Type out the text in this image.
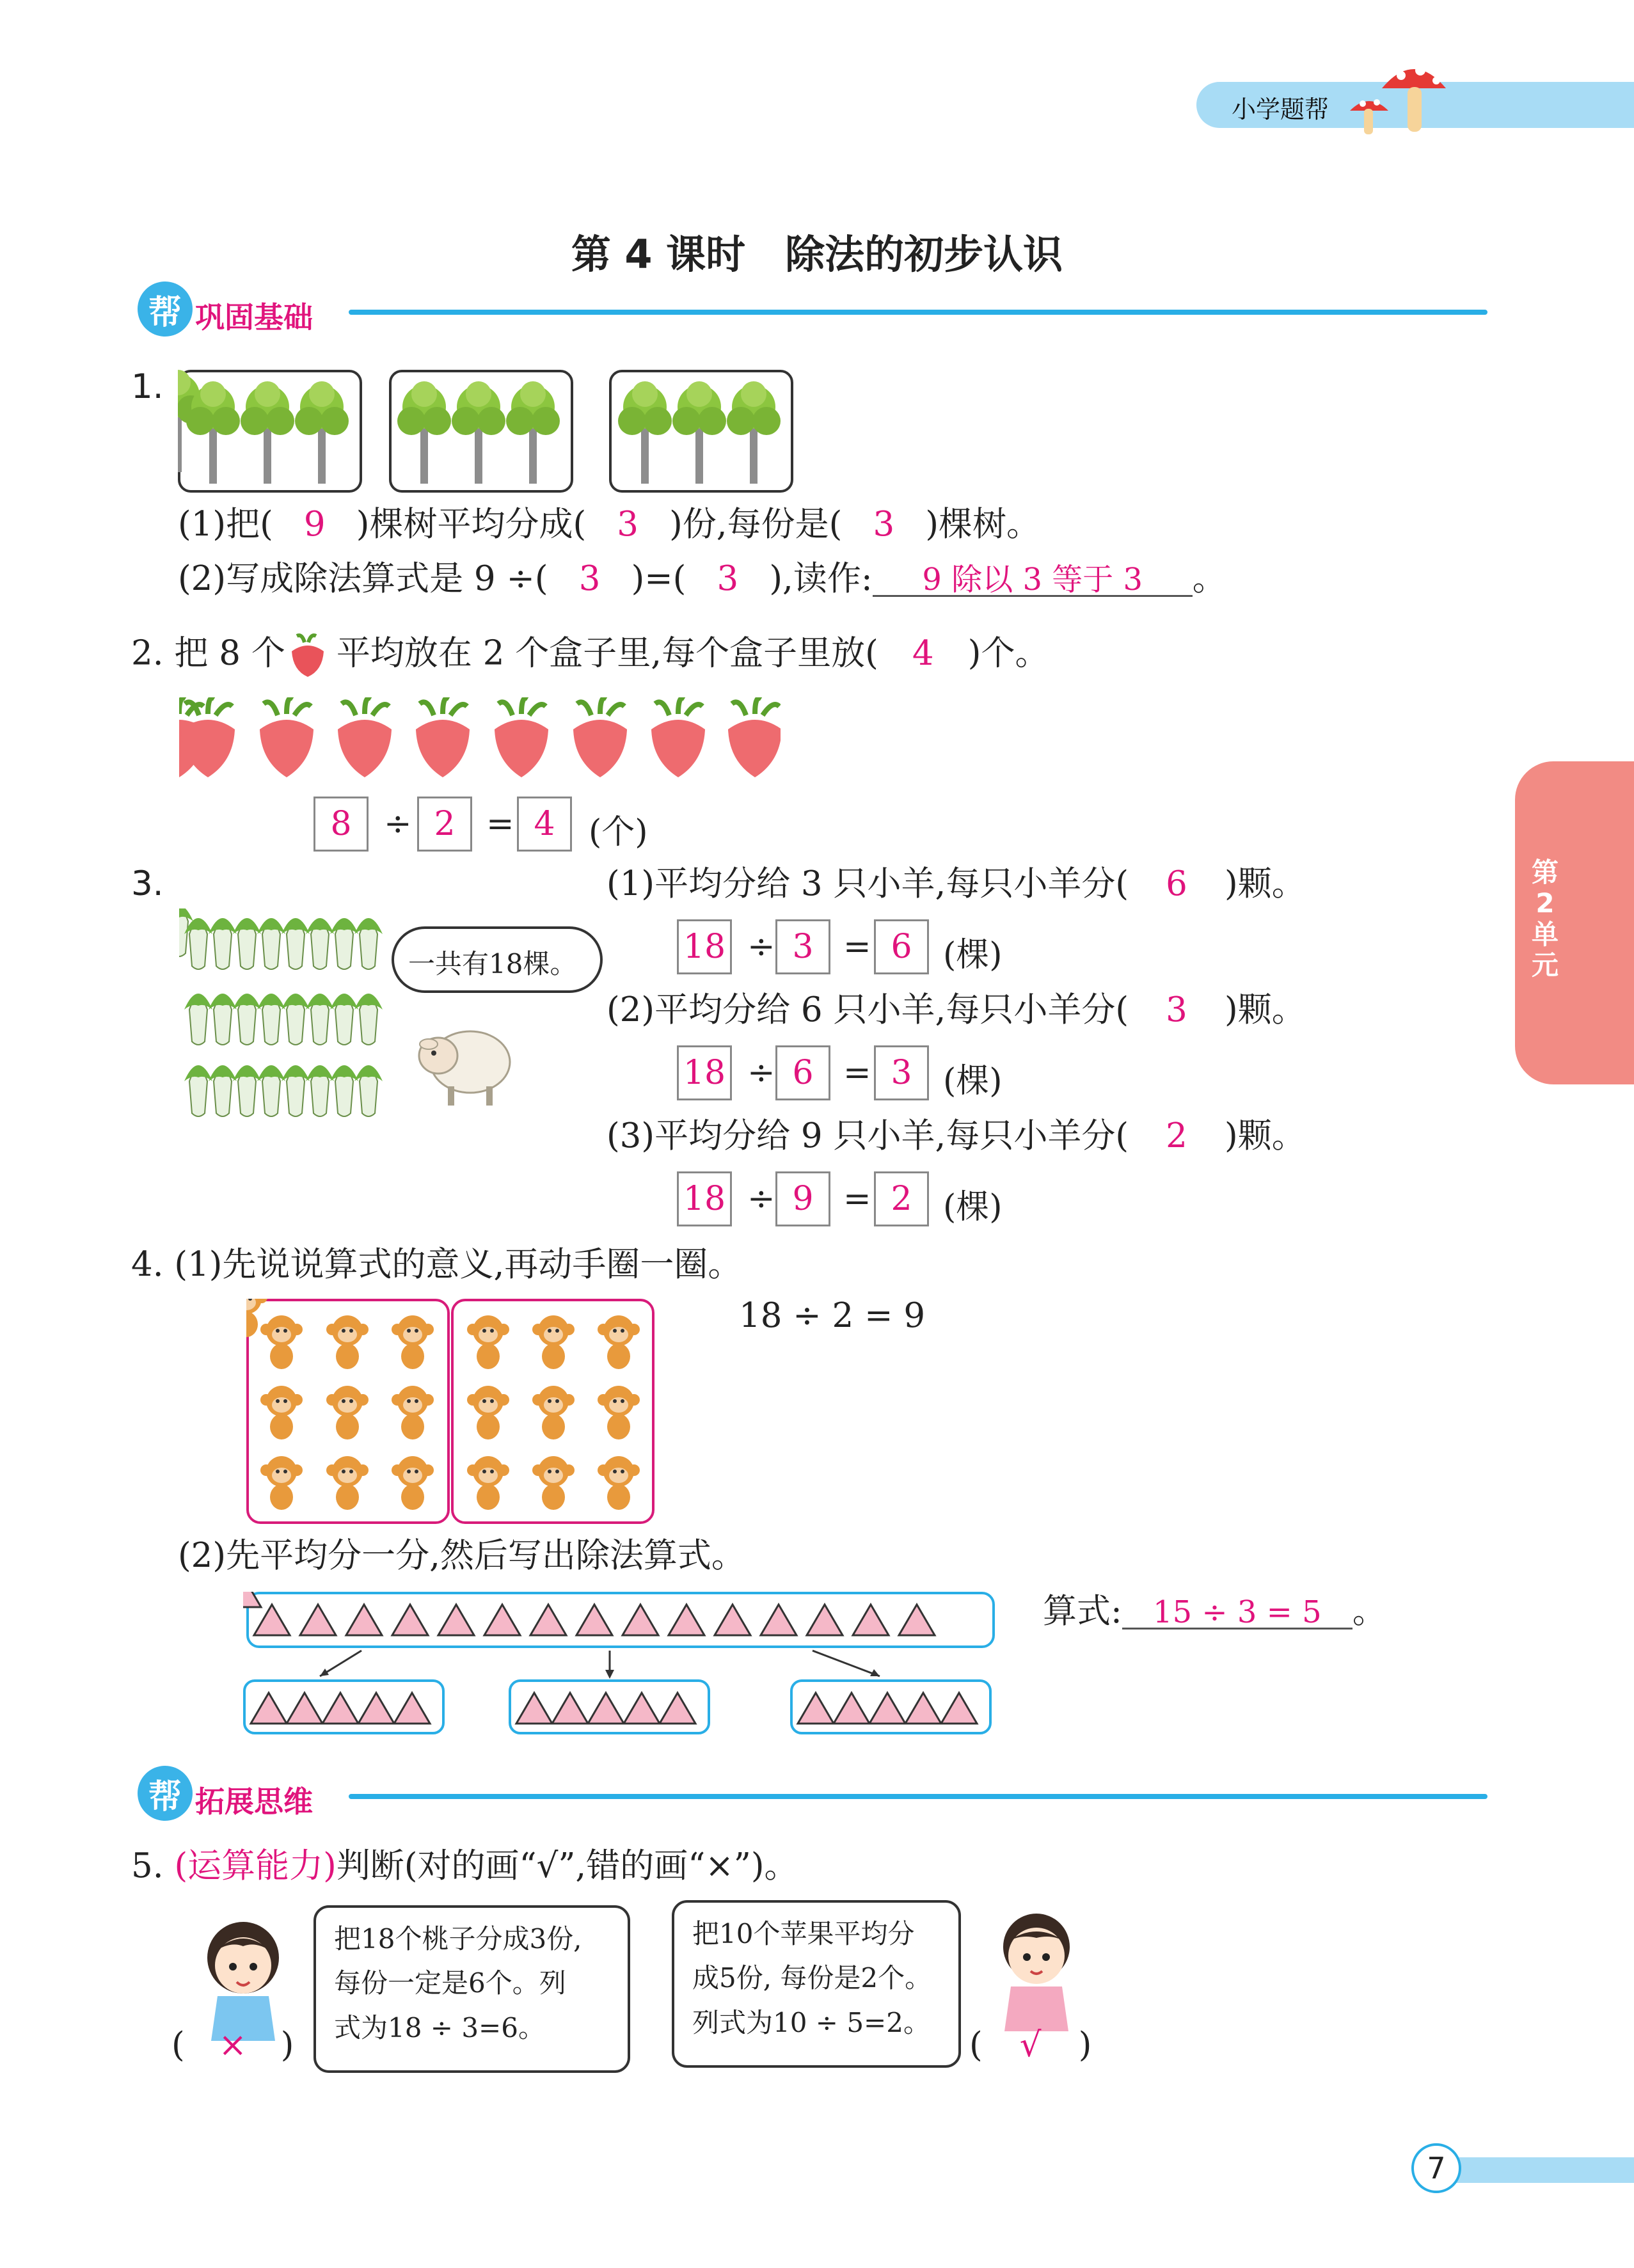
小学题帮
第 4 课时　除法的初步认识
帮 巩固基础
1.
(1)把( 9 )棵树平均分成( 3 )份,每份是( 3 )棵树。
(2)写成除法算式是 9 ÷( 3 )=( 3 ),读作: 9 除以 3 等于 3 。
2. 把 8 个 平均放在 2 个盒子里,每个盒子里放( 4 )个。
8 ÷ 2 = 4	(个)
3.
一共有18棵。
(1)平均分给 3 只小羊,每只小羊分( 6 )颗。
18 ÷ 3 = 6 (棵)
(2)平均分给 6 只小羊,每只小羊分( 3 )颗。
18 ÷ 6 = 3 (棵)
(3)平均分给 9 只小羊,每只小羊分( 2 )颗。
18 ÷ 9 = 2 (棵)
4. (1)先说说算式的意义,再动手圈一圈。
18 ÷ 2 = 9
(2)先平均分一分,然后写出除法算式。
算式: 15 ÷ 3 = 5 。
帮 拓展思维
5. (运算能力)判断(对的画“√”,错的画“×”)。
把18个桃子分成3份,
每份一定是6个。列
式为18 ÷ 3=6。
( × )
把10个苹果平均分
成5份, 每份是2个。
列式为10 ÷ 5=2。
( √ )
第
2
单
元
7
